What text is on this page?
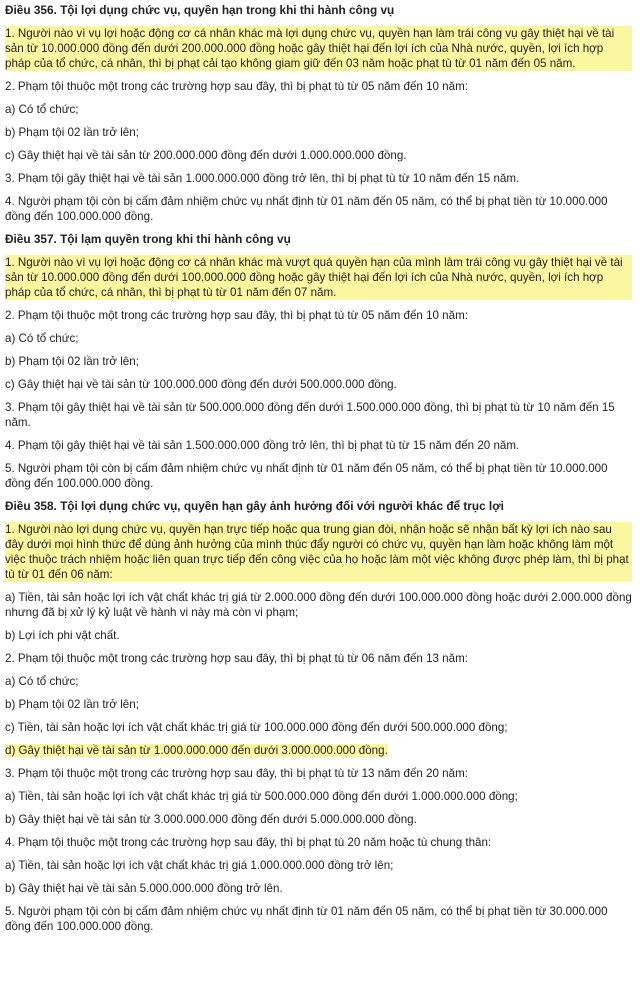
Điều 356. Tội lợi dụng chức vụ, quyền hạn trong khi thi hành công vụ
1. Người nào vì vụ lợi hoặc động cơ cá nhân khác mà lợi dụng chức vụ, quyền hạn làm trái công vụ gây thiệt hại về tài sản từ 10.000.000 đồng đến dưới 200.000.000 đồng hoặc gây thiệt hại đến lợi ích của Nhà nước, quyền, lợi ích hợp pháp của tổ chức, cá nhân, thì bị phạt cải tạo không giam giữ đến 03 năm hoặc phạt tù từ 01 năm đến 05 năm.
2. Phạm tội thuộc một trong các trường hợp sau đây, thì bị phạt tù từ 05 năm đến 10 năm:
a) Có tổ chức;
b) Phạm tội 02 lần trở lên;
c) Gây thiệt hại về tài sản từ 200.000.000 đồng đến dưới 1.000.000.000 đồng.
3. Phạm tội gây thiệt hại về tài sản 1.000.000.000 đồng trở lên, thì bị phạt tù từ 10 năm đến 15 năm.
4. Người phạm tội còn bị cấm đảm nhiệm chức vụ nhất định từ 01 năm đến 05 năm, có thể bị phạt tiền từ 10.000.000 đồng đến 100.000.000 đồng.
Điều 357. Tội lạm quyền trong khi thi hành công vụ
1. Người nào vì vụ lợi hoặc động cơ cá nhân khác mà vượt quá quyền hạn của mình làm trái công vụ gây thiệt hại về tài sản từ 10.000.000 đồng đến dưới 100.000.000 đồng hoặc gây thiệt hại đến lợi ích của Nhà nước, quyền, lợi ích hợp pháp của tổ chức, cá nhân, thì bị phạt tù từ 01 năm đến 07 năm.
2. Phạm tội thuộc một trong các trường hợp sau đây, thì bị phạt tù từ 05 năm đến 10 năm:
a) Có tổ chức;
b) Phạm tội 02 lần trở lên;
c) Gây thiệt hại về tài sản từ 100.000.000 đồng đến dưới 500.000.000 đồng.
3. Phạm tội gây thiệt hại về tài sản từ 500.000.000 đồng đến dưới 1.500.000.000 đồng, thì bị phạt tù từ 10 năm đến 15 năm.
4. Phạm tội gây thiệt hại về tài sản 1.500.000.000 đồng trở lên, thì bị phạt tù từ 15 năm đến 20 năm.
5. Người phạm tội còn bị cấm đảm nhiệm chức vụ nhất định từ 01 năm đến 05 năm, có thể bị phạt tiền từ 10.000.000 đồng đến 100.000.000 đồng.
Điều 358. Tội lợi dụng chức vụ, quyền hạn gây ảnh hưởng đối với người khác để trục lợi
1. Người nào lợi dụng chức vụ, quyền hạn trực tiếp hoặc qua trung gian đòi, nhận hoặc sẽ nhận bất kỳ lợi ích nào sau đây dưới mọi hình thức để dùng ảnh hưởng của mình thúc đẩy người có chức vụ, quyền hạn làm hoặc không làm một việc thuộc trách nhiệm hoặc liên quan trực tiếp đến công việc của họ hoặc làm một việc không được phép làm, thì bị phạt tù từ 01 đến 06 năm:
a) Tiền, tài sản hoặc lợi ích vật chất khác trị giá từ 2.000.000 đồng đến dưới 100.000.000 đồng hoặc dưới 2.000.000 đồng nhưng đã bị xử lý kỷ luật về hành vi này mà còn vi phạm;
b) Lợi ích phi vật chất.
2. Phạm tội thuộc một trong các trường hợp sau đây, thì bị phạt tù từ 06 năm đến 13 năm:
a) Có tổ chức;
b) Phạm tội 02 lần trở lên;
c) Tiền, tài sản hoặc lợi ích vật chất khác trị giá từ 100.000.000 đồng đến dưới 500.000.000 đồng;
d) Gây thiệt hại về tài sản từ 1.000.000.000 đến dưới 3.000.000.000 đồng.
3. Phạm tội thuộc một trong các trường hợp sau đây, thì bị phạt tù từ 13 năm đến 20 năm:
a) Tiền, tài sản hoặc lợi ích vật chất khác trị giá từ 500.000.000 đồng đến dưới 1.000.000.000 đồng;
b) Gây thiệt hại về tài sản từ 3.000.000.000 đồng đến dưới 5.000.000.000 đồng.
4. Phạm tội thuộc một trong các trường hợp sau đây, thì bị phạt tù 20 năm hoặc tù chung thân:
a) Tiền, tài sản hoặc lợi ích vật chất khác trị giá 1.000.000.000 đồng trở lên;
b) Gây thiệt hại về tài sản 5.000.000.000 đồng trở lên.
5. Người phạm tội còn bị cấm đảm nhiệm chức vụ nhất định từ 01 năm đến 05 năm, có thể bị phạt tiền từ 30.000.000 đồng đến 100.000.000 đồng.
